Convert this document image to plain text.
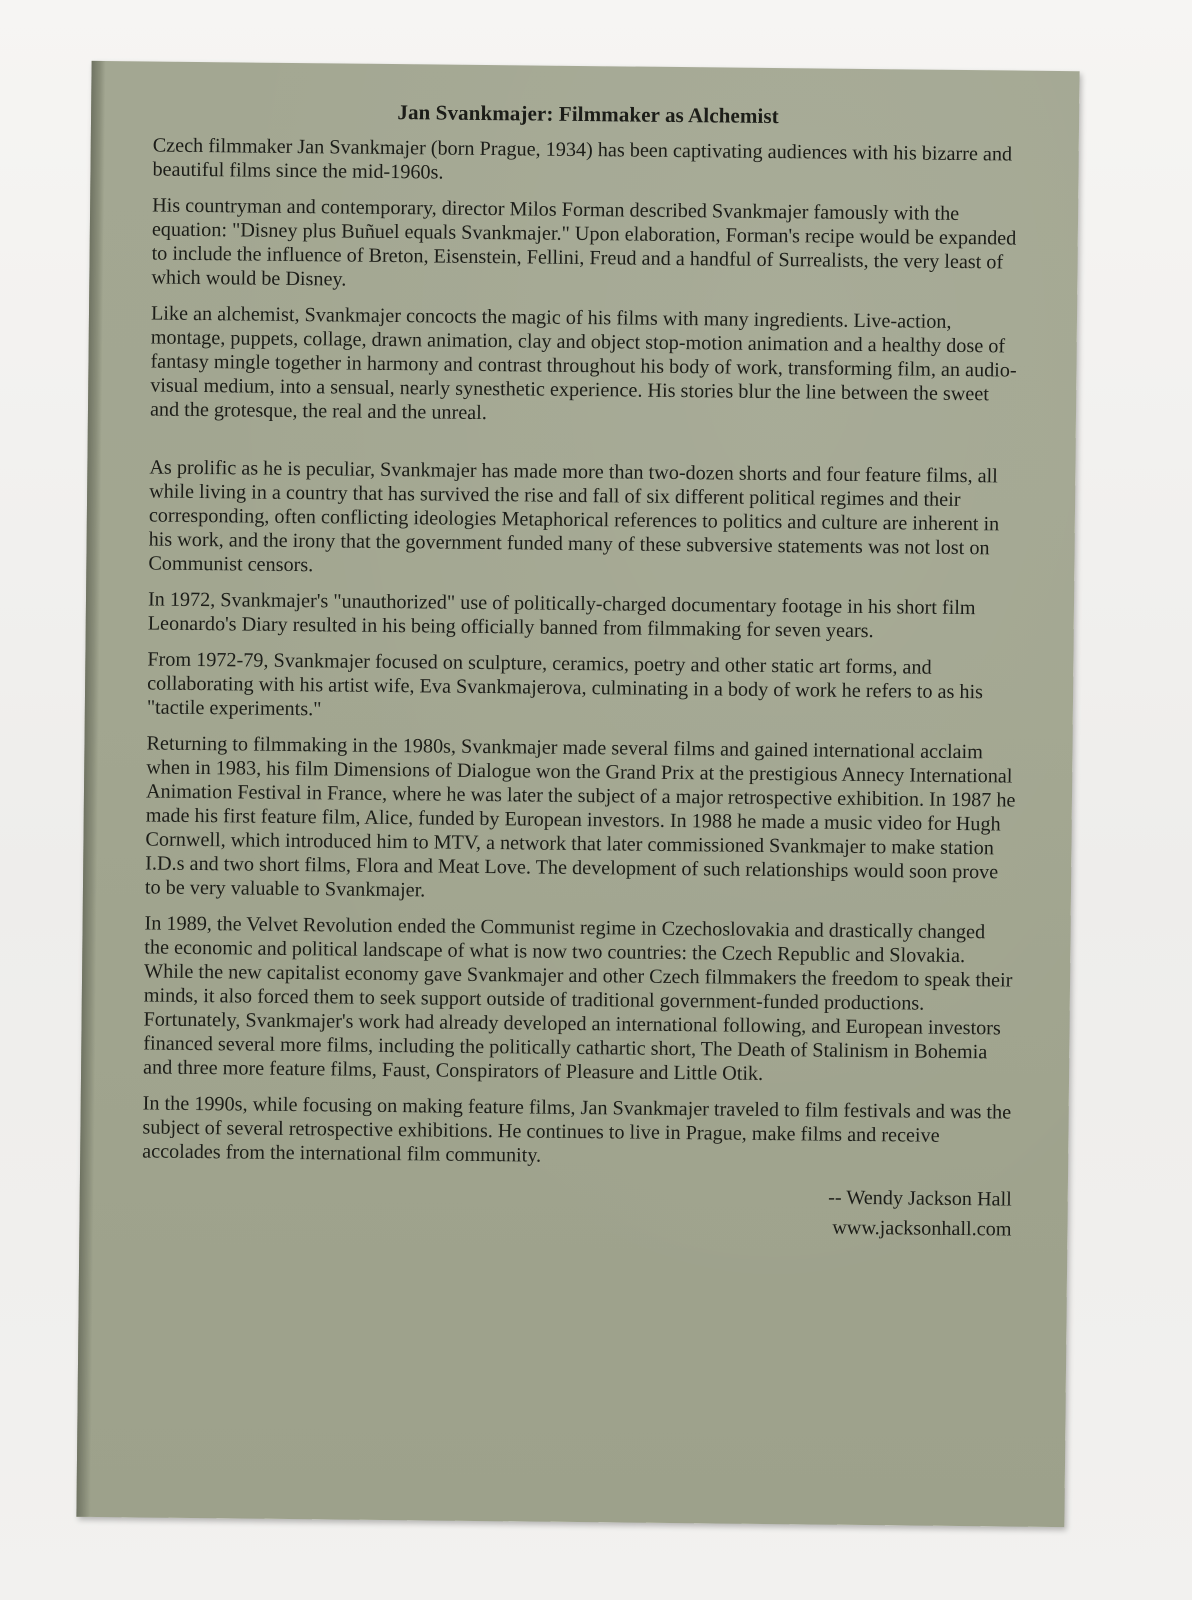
Jan Svankmajer: Filmmaker as Alchemist

Czech filmmaker Jan Svankmajer (born Prague, 1934) has been captivating audiences with his bizarre and beautiful films since the mid-1960s.

His countryman and contemporary, director Milos Forman described Svankmajer famously with the equation: "Disney plus Buñuel equals Svankmajer." Upon elaboration, Forman's recipe would be expanded to include the influence of Breton, Eisenstein, Fellini, Freud and a handful of Surrealists, the very least of which would be Disney.

Like an alchemist, Svankmajer concocts the magic of his films with many ingredients. Live-action, montage, puppets, collage, drawn animation, clay and object stop-motion animation and a healthy dose of fantasy mingle together in harmony and contrast throughout his body of work, transforming film, an audio-visual medium, into a sensual, nearly synesthetic experience. His stories blur the line between the sweet and the grotesque, the real and the unreal.

As prolific as he is peculiar, Svankmajer has made more than two-dozen shorts and four feature films, all while living in a country that has survived the rise and fall of six different political regimes and their corresponding, often conflicting ideologies Metaphorical references to politics and culture are inherent in his work, and the irony that the government funded many of these subversive statements was not lost on Communist censors.

In 1972, Svankmajer's "unauthorized" use of politically-charged documentary footage in his short film Leonardo's Diary resulted in his being officially banned from filmmaking for seven years.

From 1972-79, Svankmajer focused on sculpture, ceramics, poetry and other static art forms, and collaborating with his artist wife, Eva Svankmajerova, culminating in a body of work he refers to as his "tactile experiments."

Returning to filmmaking in the 1980s, Svankmajer made several films and gained international acclaim when in 1983, his film Dimensions of Dialogue won the Grand Prix at the prestigious Annecy International Animation Festival in France, where he was later the subject of a major retrospective exhibition. In 1987 he made his first feature film, Alice, funded by European investors. In 1988 he made a music video for Hugh Cornwell, which introduced him to MTV, a network that later commissioned Svankmajer to make station I.D.s and two short films, Flora and Meat Love. The development of such relationships would soon prove to be very valuable to Svankmajer.

In 1989, the Velvet Revolution ended the Communist regime in Czechoslovakia and drastically changed the economic and political landscape of what is now two countries: the Czech Republic and Slovakia. While the new capitalist economy gave Svankmajer and other Czech filmmakers the freedom to speak their minds, it also forced them to seek support outside of traditional government-funded productions. Fortunately, Svankmajer's work had already developed an international following, and European investors financed several more films, including the politically cathartic short, The Death of Stalinism in Bohemia and three more feature films, Faust, Conspirators of Pleasure and Little Otik.

In the 1990s, while focusing on making feature films, Jan Svankmajer traveled to film festivals and was the subject of several retrospective exhibitions. He continues to live in Prague, make films and receive accolades from the international film community.

-- Wendy Jackson Hall
www.jacksonhall.com
